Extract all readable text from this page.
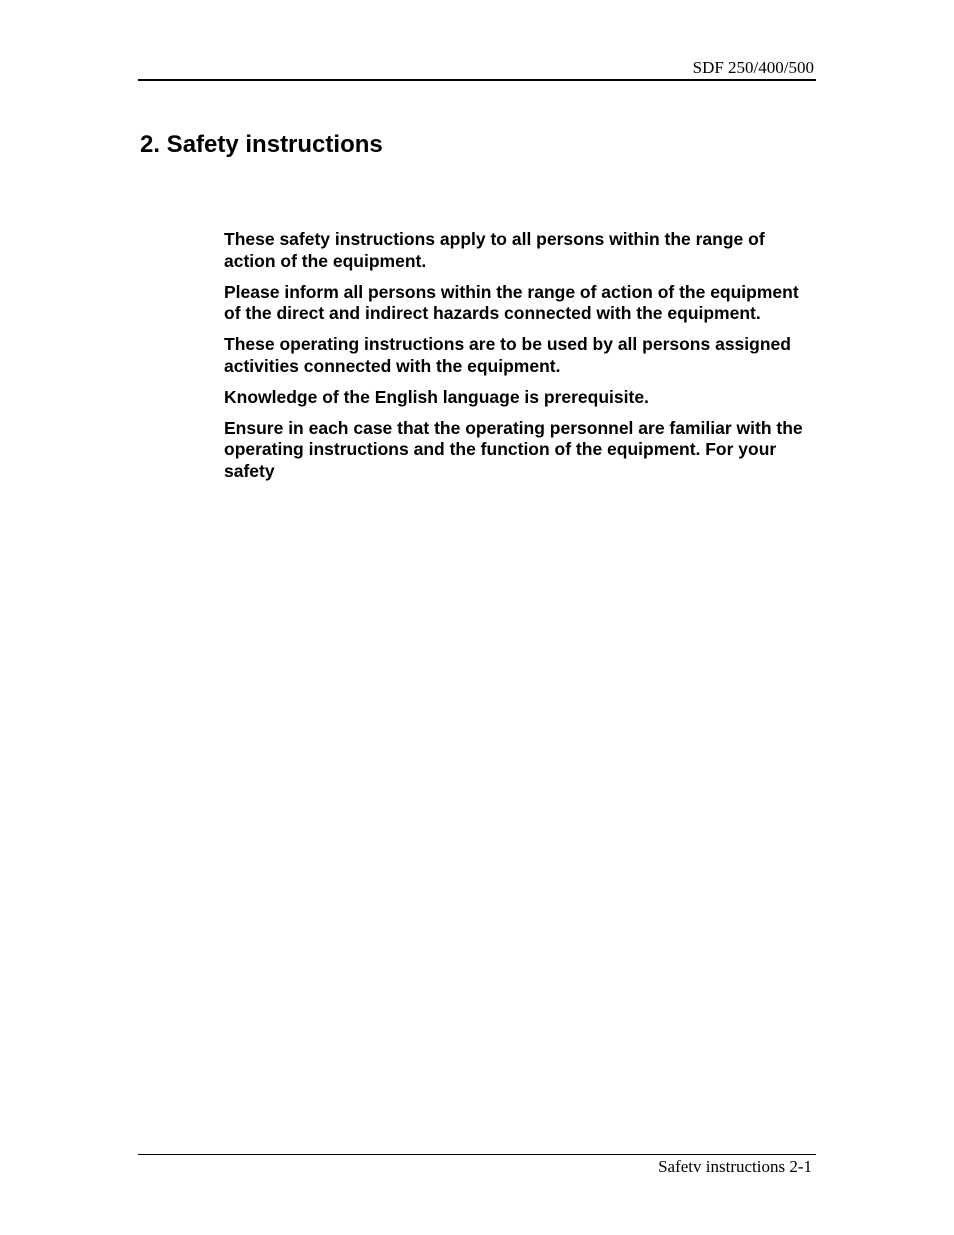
SDF 250/400/500
2. Safety instructions

These safety instructions apply to all persons within the range of action of the equipment.

Please inform all persons within the range of action of the equipment of the direct and indirect hazards connected with the equipment.

These operating instructions are to be used by all persons assigned activities connected with the equipment.

Knowledge of the English language is prerequisite.

Ensure in each case that the operating personnel are familiar with the operating instructions and the function of the equipment. For your safety

Safetv instructions 2-1
